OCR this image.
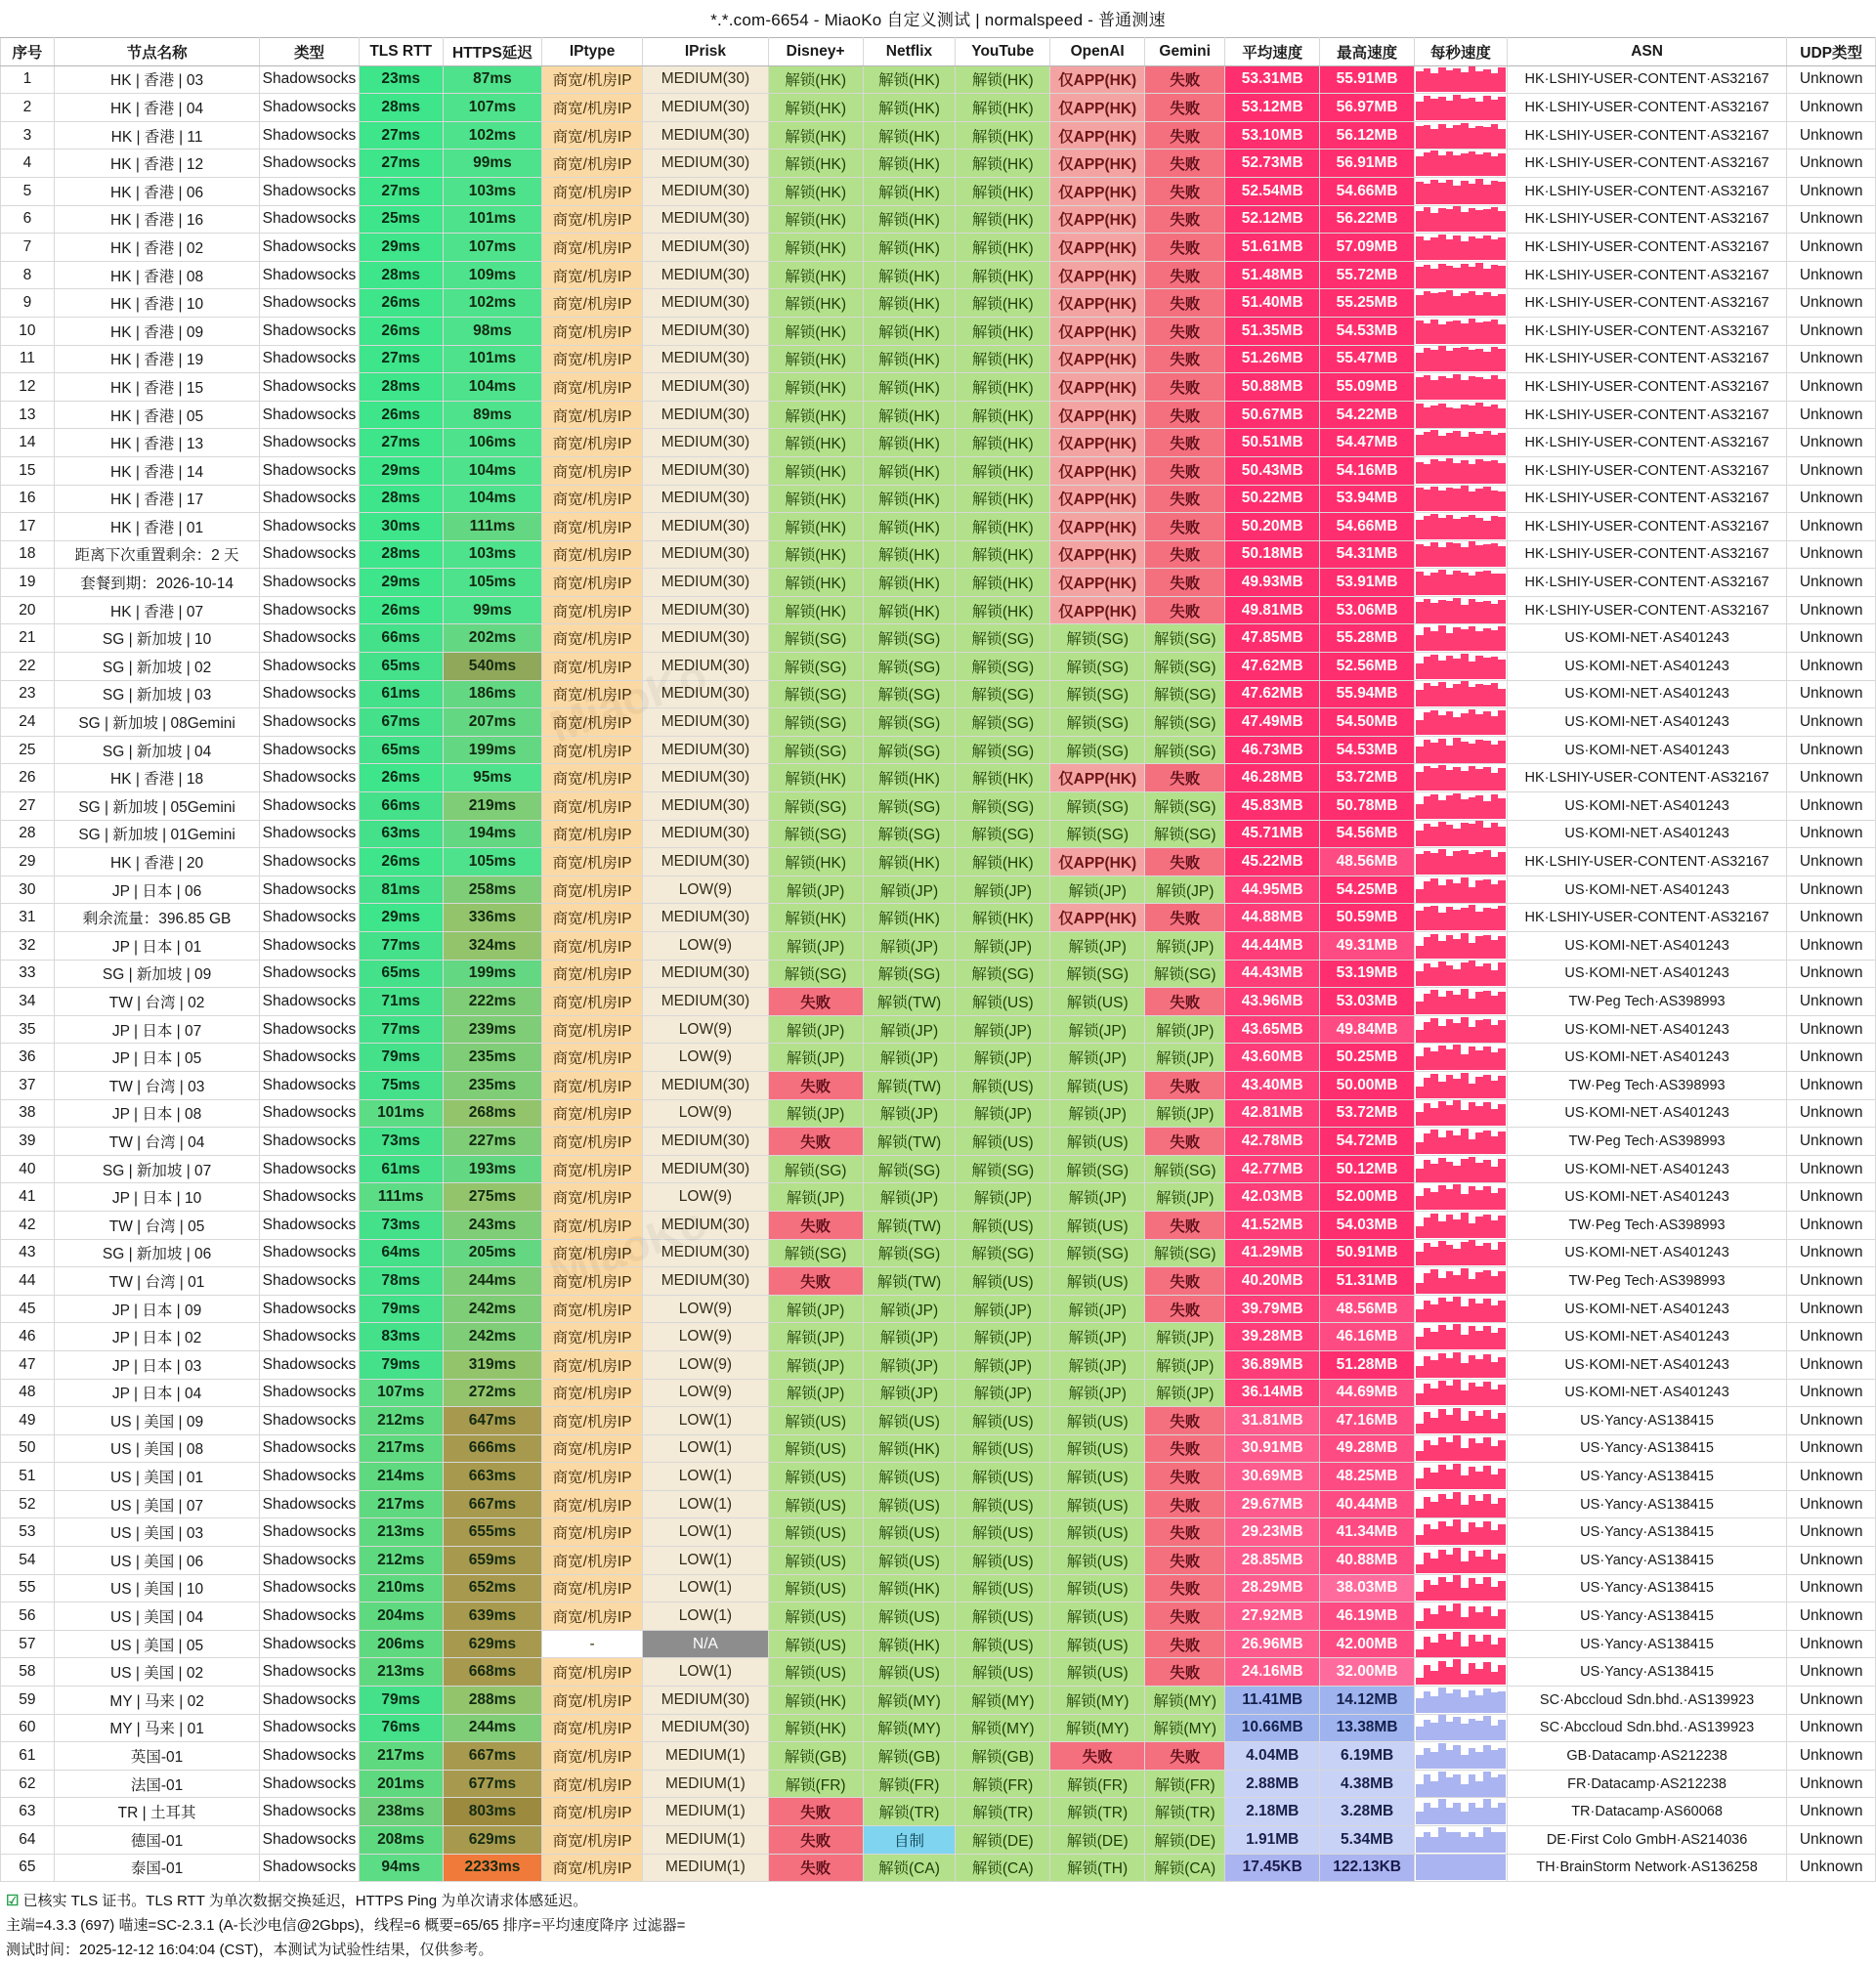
*.*.com-6654 - MiaoKo 自定义测试 | normalspeed - 普通测速
序号	节点名称	类型	TLS RTT	HTTPS延迟	IPtype	IPrisk	Disney+	Netflix	YouTube	OpenAI	Gemini	平均速度	最高速度	每秒速度	ASN	UDP类型
1	HK | 香港 | 03	Shadowsocks	23ms	87ms	商宽/机房IP	MEDIUM(30)	解锁(HK)	解锁(HK)	解锁(HK)	仅APP(HK)	失败	53.31MB	55.91MB		HK·LSHIY-USER-CONTENT·AS32167	Unknown
2	HK | 香港 | 04	Shadowsocks	28ms	107ms	商宽/机房IP	MEDIUM(30)	解锁(HK)	解锁(HK)	解锁(HK)	仅APP(HK)	失败	53.12MB	56.97MB		HK·LSHIY-USER-CONTENT·AS32167	Unknown
3	HK | 香港 | 11	Shadowsocks	27ms	102ms	商宽/机房IP	MEDIUM(30)	解锁(HK)	解锁(HK)	解锁(HK)	仅APP(HK)	失败	53.10MB	56.12MB		HK·LSHIY-USER-CONTENT·AS32167	Unknown
4	HK | 香港 | 12	Shadowsocks	27ms	99ms	商宽/机房IP	MEDIUM(30)	解锁(HK)	解锁(HK)	解锁(HK)	仅APP(HK)	失败	52.73MB	56.91MB		HK·LSHIY-USER-CONTENT·AS32167	Unknown
5	HK | 香港 | 06	Shadowsocks	27ms	103ms	商宽/机房IP	MEDIUM(30)	解锁(HK)	解锁(HK)	解锁(HK)	仅APP(HK)	失败	52.54MB	54.66MB		HK·LSHIY-USER-CONTENT·AS32167	Unknown
6	HK | 香港 | 16	Shadowsocks	25ms	101ms	商宽/机房IP	MEDIUM(30)	解锁(HK)	解锁(HK)	解锁(HK)	仅APP(HK)	失败	52.12MB	56.22MB		HK·LSHIY-USER-CONTENT·AS32167	Unknown
7	HK | 香港 | 02	Shadowsocks	29ms	107ms	商宽/机房IP	MEDIUM(30)	解锁(HK)	解锁(HK)	解锁(HK)	仅APP(HK)	失败	51.61MB	57.09MB		HK·LSHIY-USER-CONTENT·AS32167	Unknown
8	HK | 香港 | 08	Shadowsocks	28ms	109ms	商宽/机房IP	MEDIUM(30)	解锁(HK)	解锁(HK)	解锁(HK)	仅APP(HK)	失败	51.48MB	55.72MB		HK·LSHIY-USER-CONTENT·AS32167	Unknown
9	HK | 香港 | 10	Shadowsocks	26ms	102ms	商宽/机房IP	MEDIUM(30)	解锁(HK)	解锁(HK)	解锁(HK)	仅APP(HK)	失败	51.40MB	55.25MB		HK·LSHIY-USER-CONTENT·AS32167	Unknown
10	HK | 香港 | 09	Shadowsocks	26ms	98ms	商宽/机房IP	MEDIUM(30)	解锁(HK)	解锁(HK)	解锁(HK)	仅APP(HK)	失败	51.35MB	54.53MB		HK·LSHIY-USER-CONTENT·AS32167	Unknown
11	HK | 香港 | 19	Shadowsocks	27ms	101ms	商宽/机房IP	MEDIUM(30)	解锁(HK)	解锁(HK)	解锁(HK)	仅APP(HK)	失败	51.26MB	55.47MB		HK·LSHIY-USER-CONTENT·AS32167	Unknown
12	HK | 香港 | 15	Shadowsocks	28ms	104ms	商宽/机房IP	MEDIUM(30)	解锁(HK)	解锁(HK)	解锁(HK)	仅APP(HK)	失败	50.88MB	55.09MB		HK·LSHIY-USER-CONTENT·AS32167	Unknown
13	HK | 香港 | 05	Shadowsocks	26ms	89ms	商宽/机房IP	MEDIUM(30)	解锁(HK)	解锁(HK)	解锁(HK)	仅APP(HK)	失败	50.67MB	54.22MB		HK·LSHIY-USER-CONTENT·AS32167	Unknown
14	HK | 香港 | 13	Shadowsocks	27ms	106ms	商宽/机房IP	MEDIUM(30)	解锁(HK)	解锁(HK)	解锁(HK)	仅APP(HK)	失败	50.51MB	54.47MB		HK·LSHIY-USER-CONTENT·AS32167	Unknown
15	HK | 香港 | 14	Shadowsocks	29ms	104ms	商宽/机房IP	MEDIUM(30)	解锁(HK)	解锁(HK)	解锁(HK)	仅APP(HK)	失败	50.43MB	54.16MB		HK·LSHIY-USER-CONTENT·AS32167	Unknown
16	HK | 香港 | 17	Shadowsocks	28ms	104ms	商宽/机房IP	MEDIUM(30)	解锁(HK)	解锁(HK)	解锁(HK)	仅APP(HK)	失败	50.22MB	53.94MB		HK·LSHIY-USER-CONTENT·AS32167	Unknown
17	HK | 香港 | 01	Shadowsocks	30ms	111ms	商宽/机房IP	MEDIUM(30)	解锁(HK)	解锁(HK)	解锁(HK)	仅APP(HK)	失败	50.20MB	54.66MB		HK·LSHIY-USER-CONTENT·AS32167	Unknown
18	距离下次重置剩余：2 天	Shadowsocks	28ms	103ms	商宽/机房IP	MEDIUM(30)	解锁(HK)	解锁(HK)	解锁(HK)	仅APP(HK)	失败	50.18MB	54.31MB		HK·LSHIY-USER-CONTENT·AS32167	Unknown
19	套餐到期：2026-10-14	Shadowsocks	29ms	105ms	商宽/机房IP	MEDIUM(30)	解锁(HK)	解锁(HK)	解锁(HK)	仅APP(HK)	失败	49.93MB	53.91MB		HK·LSHIY-USER-CONTENT·AS32167	Unknown
20	HK | 香港 | 07	Shadowsocks	26ms	99ms	商宽/机房IP	MEDIUM(30)	解锁(HK)	解锁(HK)	解锁(HK)	仅APP(HK)	失败	49.81MB	53.06MB		HK·LSHIY-USER-CONTENT·AS32167	Unknown
21	SG | 新加坡 | 10	Shadowsocks	66ms	202ms	商宽/机房IP	MEDIUM(30)	解锁(SG)	解锁(SG)	解锁(SG)	解锁(SG)	解锁(SG)	47.85MB	55.28MB		US·KOMI-NET·AS401243	Unknown
22	SG | 新加坡 | 02	Shadowsocks	65ms	540ms	商宽/机房IP	MEDIUM(30)	解锁(SG)	解锁(SG)	解锁(SG)	解锁(SG)	解锁(SG)	47.62MB	52.56MB		US·KOMI-NET·AS401243	Unknown
23	SG | 新加坡 | 03	Shadowsocks	61ms	186ms	商宽/机房IP	MEDIUM(30)	解锁(SG)	解锁(SG)	解锁(SG)	解锁(SG)	解锁(SG)	47.62MB	55.94MB		US·KOMI-NET·AS401243	Unknown
24	SG | 新加坡 | 08Gemini	Shadowsocks	67ms	207ms	商宽/机房IP	MEDIUM(30)	解锁(SG)	解锁(SG)	解锁(SG)	解锁(SG)	解锁(SG)	47.49MB	54.50MB		US·KOMI-NET·AS401243	Unknown
25	SG | 新加坡 | 04	Shadowsocks	65ms	199ms	商宽/机房IP	MEDIUM(30)	解锁(SG)	解锁(SG)	解锁(SG)	解锁(SG)	解锁(SG)	46.73MB	54.53MB		US·KOMI-NET·AS401243	Unknown
26	HK | 香港 | 18	Shadowsocks	26ms	95ms	商宽/机房IP	MEDIUM(30)	解锁(HK)	解锁(HK)	解锁(HK)	仅APP(HK)	失败	46.28MB	53.72MB		HK·LSHIY-USER-CONTENT·AS32167	Unknown
27	SG | 新加坡 | 05Gemini	Shadowsocks	66ms	219ms	商宽/机房IP	MEDIUM(30)	解锁(SG)	解锁(SG)	解锁(SG)	解锁(SG)	解锁(SG)	45.83MB	50.78MB		US·KOMI-NET·AS401243	Unknown
28	SG | 新加坡 | 01Gemini	Shadowsocks	63ms	194ms	商宽/机房IP	MEDIUM(30)	解锁(SG)	解锁(SG)	解锁(SG)	解锁(SG)	解锁(SG)	45.71MB	54.56MB		US·KOMI-NET·AS401243	Unknown
29	HK | 香港 | 20	Shadowsocks	26ms	105ms	商宽/机房IP	MEDIUM(30)	解锁(HK)	解锁(HK)	解锁(HK)	仅APP(HK)	失败	45.22MB	48.56MB		HK·LSHIY-USER-CONTENT·AS32167	Unknown
30	JP | 日本 | 06	Shadowsocks	81ms	258ms	商宽/机房IP	LOW(9)	解锁(JP)	解锁(JP)	解锁(JP)	解锁(JP)	解锁(JP)	44.95MB	54.25MB		US·KOMI-NET·AS401243	Unknown
31	剩余流量：396.85 GB	Shadowsocks	29ms	336ms	商宽/机房IP	MEDIUM(30)	解锁(HK)	解锁(HK)	解锁(HK)	仅APP(HK)	失败	44.88MB	50.59MB		HK·LSHIY-USER-CONTENT·AS32167	Unknown
32	JP | 日本 | 01	Shadowsocks	77ms	324ms	商宽/机房IP	LOW(9)	解锁(JP)	解锁(JP)	解锁(JP)	解锁(JP)	解锁(JP)	44.44MB	49.31MB		US·KOMI-NET·AS401243	Unknown
33	SG | 新加坡 | 09	Shadowsocks	65ms	199ms	商宽/机房IP	MEDIUM(30)	解锁(SG)	解锁(SG)	解锁(SG)	解锁(SG)	解锁(SG)	44.43MB	53.19MB		US·KOMI-NET·AS401243	Unknown
34	TW | 台湾 | 02	Shadowsocks	71ms	222ms	商宽/机房IP	MEDIUM(30)	失败	解锁(TW)	解锁(US)	解锁(US)	失败	43.96MB	53.03MB		TW·Peg Tech·AS398993	Unknown
35	JP | 日本 | 07	Shadowsocks	77ms	239ms	商宽/机房IP	LOW(9)	解锁(JP)	解锁(JP)	解锁(JP)	解锁(JP)	解锁(JP)	43.65MB	49.84MB		US·KOMI-NET·AS401243	Unknown
36	JP | 日本 | 05	Shadowsocks	79ms	235ms	商宽/机房IP	LOW(9)	解锁(JP)	解锁(JP)	解锁(JP)	解锁(JP)	解锁(JP)	43.60MB	50.25MB		US·KOMI-NET·AS401243	Unknown
37	TW | 台湾 | 03	Shadowsocks	75ms	235ms	商宽/机房IP	MEDIUM(30)	失败	解锁(TW)	解锁(US)	解锁(US)	失败	43.40MB	50.00MB		TW·Peg Tech·AS398993	Unknown
38	JP | 日本 | 08	Shadowsocks	101ms	268ms	商宽/机房IP	LOW(9)	解锁(JP)	解锁(JP)	解锁(JP)	解锁(JP)	解锁(JP)	42.81MB	53.72MB		US·KOMI-NET·AS401243	Unknown
39	TW | 台湾 | 04	Shadowsocks	73ms	227ms	商宽/机房IP	MEDIUM(30)	失败	解锁(TW)	解锁(US)	解锁(US)	失败	42.78MB	54.72MB		TW·Peg Tech·AS398993	Unknown
40	SG | 新加坡 | 07	Shadowsocks	61ms	193ms	商宽/机房IP	MEDIUM(30)	解锁(SG)	解锁(SG)	解锁(SG)	解锁(SG)	解锁(SG)	42.77MB	50.12MB		US·KOMI-NET·AS401243	Unknown
41	JP | 日本 | 10	Shadowsocks	111ms	275ms	商宽/机房IP	LOW(9)	解锁(JP)	解锁(JP)	解锁(JP)	解锁(JP)	解锁(JP)	42.03MB	52.00MB		US·KOMI-NET·AS401243	Unknown
42	TW | 台湾 | 05	Shadowsocks	73ms	243ms	商宽/机房IP	MEDIUM(30)	失败	解锁(TW)	解锁(US)	解锁(US)	失败	41.52MB	54.03MB		TW·Peg Tech·AS398993	Unknown
43	SG | 新加坡 | 06	Shadowsocks	64ms	205ms	商宽/机房IP	MEDIUM(30)	解锁(SG)	解锁(SG)	解锁(SG)	解锁(SG)	解锁(SG)	41.29MB	50.91MB		US·KOMI-NET·AS401243	Unknown
44	TW | 台湾 | 01	Shadowsocks	78ms	244ms	商宽/机房IP	MEDIUM(30)	失败	解锁(TW)	解锁(US)	解锁(US)	失败	40.20MB	51.31MB		TW·Peg Tech·AS398993	Unknown
45	JP | 日本 | 09	Shadowsocks	79ms	242ms	商宽/机房IP	LOW(9)	解锁(JP)	解锁(JP)	解锁(JP)	解锁(JP)	失败	39.79MB	48.56MB		US·KOMI-NET·AS401243	Unknown
46	JP | 日本 | 02	Shadowsocks	83ms	242ms	商宽/机房IP	LOW(9)	解锁(JP)	解锁(JP)	解锁(JP)	解锁(JP)	解锁(JP)	39.28MB	46.16MB		US·KOMI-NET·AS401243	Unknown
47	JP | 日本 | 03	Shadowsocks	79ms	319ms	商宽/机房IP	LOW(9)	解锁(JP)	解锁(JP)	解锁(JP)	解锁(JP)	解锁(JP)	36.89MB	51.28MB		US·KOMI-NET·AS401243	Unknown
48	JP | 日本 | 04	Shadowsocks	107ms	272ms	商宽/机房IP	LOW(9)	解锁(JP)	解锁(JP)	解锁(JP)	解锁(JP)	解锁(JP)	36.14MB	44.69MB		US·KOMI-NET·AS401243	Unknown
49	US | 美国 | 09	Shadowsocks	212ms	647ms	商宽/机房IP	LOW(1)	解锁(US)	解锁(US)	解锁(US)	解锁(US)	失败	31.81MB	47.16MB		US·Yancy·AS138415	Unknown
50	US | 美国 | 08	Shadowsocks	217ms	666ms	商宽/机房IP	LOW(1)	解锁(US)	解锁(HK)	解锁(US)	解锁(US)	失败	30.91MB	49.28MB		US·Yancy·AS138415	Unknown
51	US | 美国 | 01	Shadowsocks	214ms	663ms	商宽/机房IP	LOW(1)	解锁(US)	解锁(US)	解锁(US)	解锁(US)	失败	30.69MB	48.25MB		US·Yancy·AS138415	Unknown
52	US | 美国 | 07	Shadowsocks	217ms	667ms	商宽/机房IP	LOW(1)	解锁(US)	解锁(US)	解锁(US)	解锁(US)	失败	29.67MB	40.44MB		US·Yancy·AS138415	Unknown
53	US | 美国 | 03	Shadowsocks	213ms	655ms	商宽/机房IP	LOW(1)	解锁(US)	解锁(US)	解锁(US)	解锁(US)	失败	29.23MB	41.34MB		US·Yancy·AS138415	Unknown
54	US | 美国 | 06	Shadowsocks	212ms	659ms	商宽/机房IP	LOW(1)	解锁(US)	解锁(US)	解锁(US)	解锁(US)	失败	28.85MB	40.88MB		US·Yancy·AS138415	Unknown
55	US | 美国 | 10	Shadowsocks	210ms	652ms	商宽/机房IP	LOW(1)	解锁(US)	解锁(HK)	解锁(US)	解锁(US)	失败	28.29MB	38.03MB		US·Yancy·AS138415	Unknown
56	US | 美国 | 04	Shadowsocks	204ms	639ms	商宽/机房IP	LOW(1)	解锁(US)	解锁(US)	解锁(US)	解锁(US)	失败	27.92MB	46.19MB		US·Yancy·AS138415	Unknown
57	US | 美国 | 05	Shadowsocks	206ms	629ms	-	N/A	解锁(US)	解锁(HK)	解锁(US)	解锁(US)	失败	26.96MB	42.00MB		US·Yancy·AS138415	Unknown
58	US | 美国 | 02	Shadowsocks	213ms	668ms	商宽/机房IP	LOW(1)	解锁(US)	解锁(US)	解锁(US)	解锁(US)	失败	24.16MB	32.00MB		US·Yancy·AS138415	Unknown
59	MY | 马来 | 02	Shadowsocks	79ms	288ms	商宽/机房IP	MEDIUM(30)	解锁(HK)	解锁(MY)	解锁(MY)	解锁(MY)	解锁(MY)	11.41MB	14.12MB		SC·Abccloud Sdn.bhd.·AS139923	Unknown
60	MY | 马来 | 01	Shadowsocks	76ms	244ms	商宽/机房IP	MEDIUM(30)	解锁(HK)	解锁(MY)	解锁(MY)	解锁(MY)	解锁(MY)	10.66MB	13.38MB		SC·Abccloud Sdn.bhd.·AS139923	Unknown
61	英国-01	Shadowsocks	217ms	667ms	商宽/机房IP	MEDIUM(1)	解锁(GB)	解锁(GB)	解锁(GB)	失败	失败	4.04MB	6.19MB		GB·Datacamp·AS212238	Unknown
62	法国-01	Shadowsocks	201ms	677ms	商宽/机房IP	MEDIUM(1)	解锁(FR)	解锁(FR)	解锁(FR)	解锁(FR)	解锁(FR)	2.88MB	4.38MB		FR·Datacamp·AS212238	Unknown
63	TR | 土耳其	Shadowsocks	238ms	803ms	商宽/机房IP	MEDIUM(1)	失败	解锁(TR)	解锁(TR)	解锁(TR)	解锁(TR)	2.18MB	3.28MB		TR·Datacamp·AS60068	Unknown
64	德国-01	Shadowsocks	208ms	629ms	商宽/机房IP	MEDIUM(1)	失败	自制	解锁(DE)	解锁(DE)	解锁(DE)	1.91MB	5.34MB		DE·First Colo GmbH·AS214036	Unknown
65	泰国-01	Shadowsocks	94ms	2233ms	商宽/机房IP	MEDIUM(1)	失败	解锁(CA)	解锁(CA)	解锁(TH)	解锁(CA)	17.45KB	122.13KB		TH·BrainStorm Network·AS136258	Unknown
☑ 已核实 TLS 证书。TLS RTT 为单次数据交换延迟，HTTPS Ping 为单次请求体感延迟。
主端=4.3.3 (697) 喵速=SC-2.3.1 (A-长沙电信@2Gbps)，线程=6 概要=65/65 排序=平均速度降序 过滤器=
测试时间：2025-12-12 16:04:04 (CST)，本测试为试验性结果，仅供参考。
